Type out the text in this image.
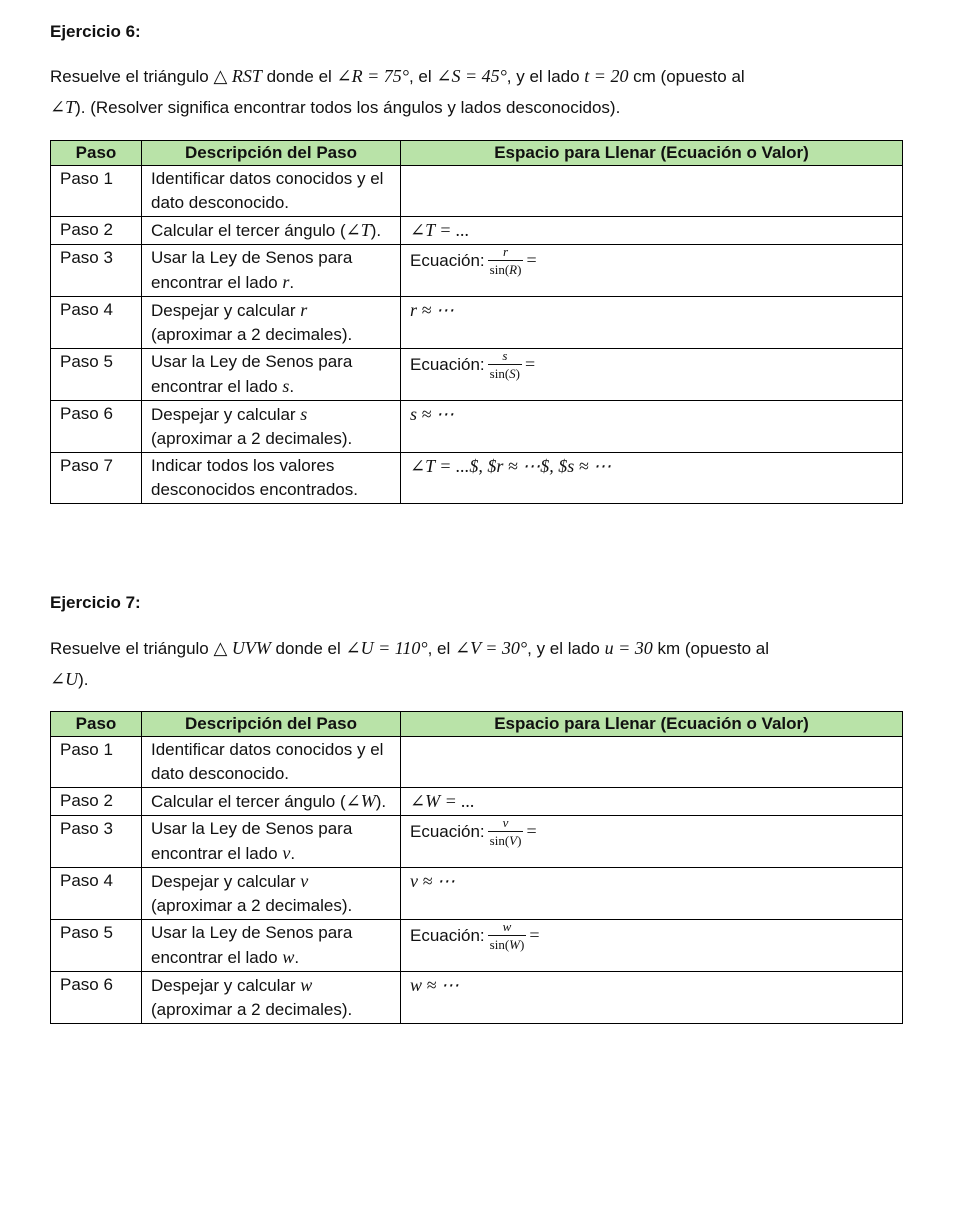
Ejercicio 6:
Resuelve el triángulo △ RST donde el ∠R = 75°, el ∠S = 45°, y el lado t = 20 cm (opuesto al
∠T). (Resolver significa encontrar todos los ángulos y lados desconocidos).
Paso	Descripción del Paso	Espacio para Llenar (Ecuación o Valor)
Paso 1	Identificar datos conocidos y el dato desconocido.	
Paso 2	Calcular el tercer ángulo (∠T).	∠T = ...
Paso 3	Usar la Ley de Senos para encontrar el lado r.	Ecuación: $\frac{r}{\sin(R)}$ =
Paso 4	Despejar y calcular r (aproximar a 2 decimales).	r ≈ ⋯
Paso 5	Usar la Ley de Senos para encontrar el lado s.	Ecuación: $\frac{s}{\sin(S)}$ =
Paso 6	Despejar y calcular s (aproximar a 2 decimales).	s ≈ ⋯
Paso 7	Indicar todos los valores desconocidos encontrados.	∠T = ...$, $r ≈ ⋯$, $s ≈ ⋯
Ejercicio 7:
Resuelve el triángulo △ UVW donde el ∠U = 110°, el ∠V = 30°, y el lado u = 30 km (opuesto al
∠U).
Paso	Descripción del Paso	Espacio para Llenar (Ecuación o Valor)
Paso 1	Identificar datos conocidos y el dato desconocido.	
Paso 2	Calcular el tercer ángulo (∠W).	∠W = ...
Paso 3	Usar la Ley de Senos para encontrar el lado v.	Ecuación: $\frac{v}{\sin(V)}$ =
Paso 4	Despejar y calcular v (aproximar a 2 decimales).	v ≈ ⋯
Paso 5	Usar la Ley de Senos para encontrar el lado w.	Ecuación: $\frac{w}{\sin(W)}$ =
Paso 6	Despejar y calcular w (aproximar a 2 decimales).	w ≈ ⋯
